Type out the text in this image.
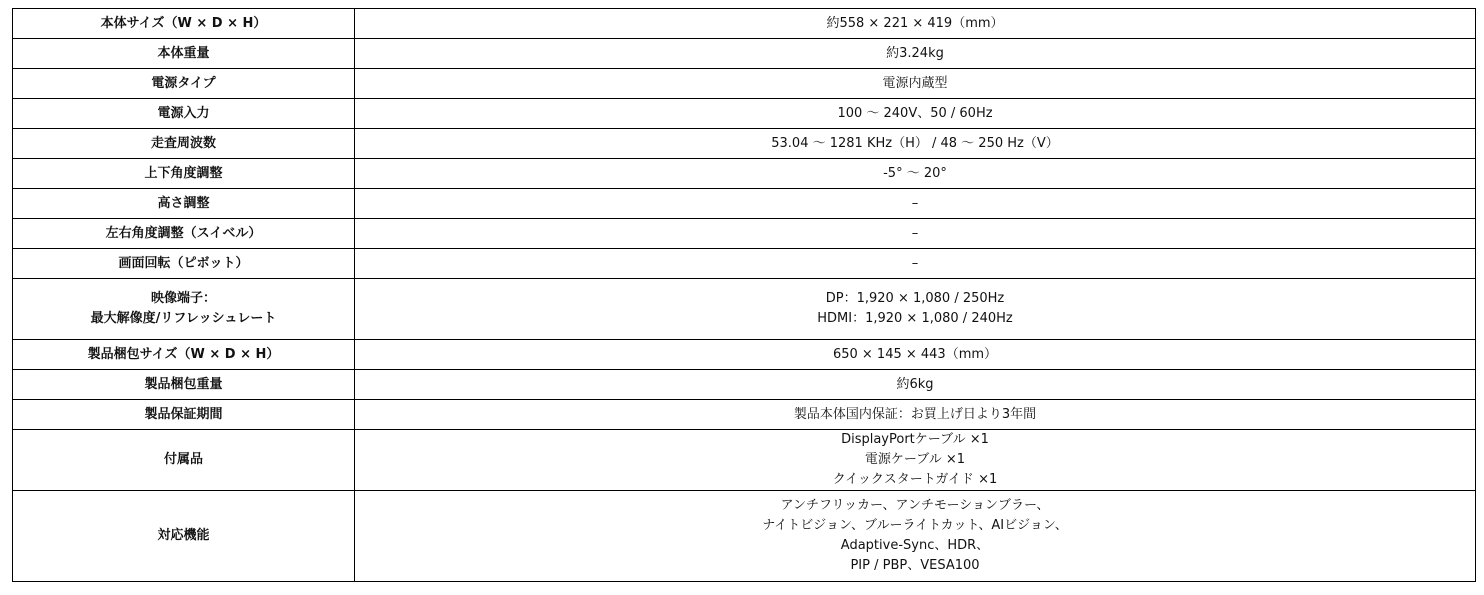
本体サイズ（W × D × H）	約558 × 221 × 419（mm）

本体重量	約3.24kg

電源タイプ	電源内蔵型

電源入力	100 ～ 240V、50 / 60Hz

走査周波数	53.04 ～ 1281 KHz（H） / 48 ～ 250 Hz（V）

上下角度調整	-5° ～ 20°

高さ調整	–

左右角度調整（スイベル）	–

画面回転（ピボット）	–

映像端子：
最大解像度/リフレッシュレート	DP：1,920 × 1,080 / 250Hz
HDMI：1,920 × 1,080 / 240Hz

製品梱包サイズ（W × D × H）	650 × 145 × 443（mm）

製品梱包重量	約6kg

製品保証期間	製品本体国内保証：お買上げ日より3年間

付属品	DisplayPortケーブル ×1
電源ケーブル ×1
クイックスタートガイド ×1

対応機能	アンチフリッカー、アンチモーションブラー、
ナイトビジョン、ブルーライトカット、AIビジョン、
Adaptive-Sync、HDR、
PIP / PBP、VESA100
